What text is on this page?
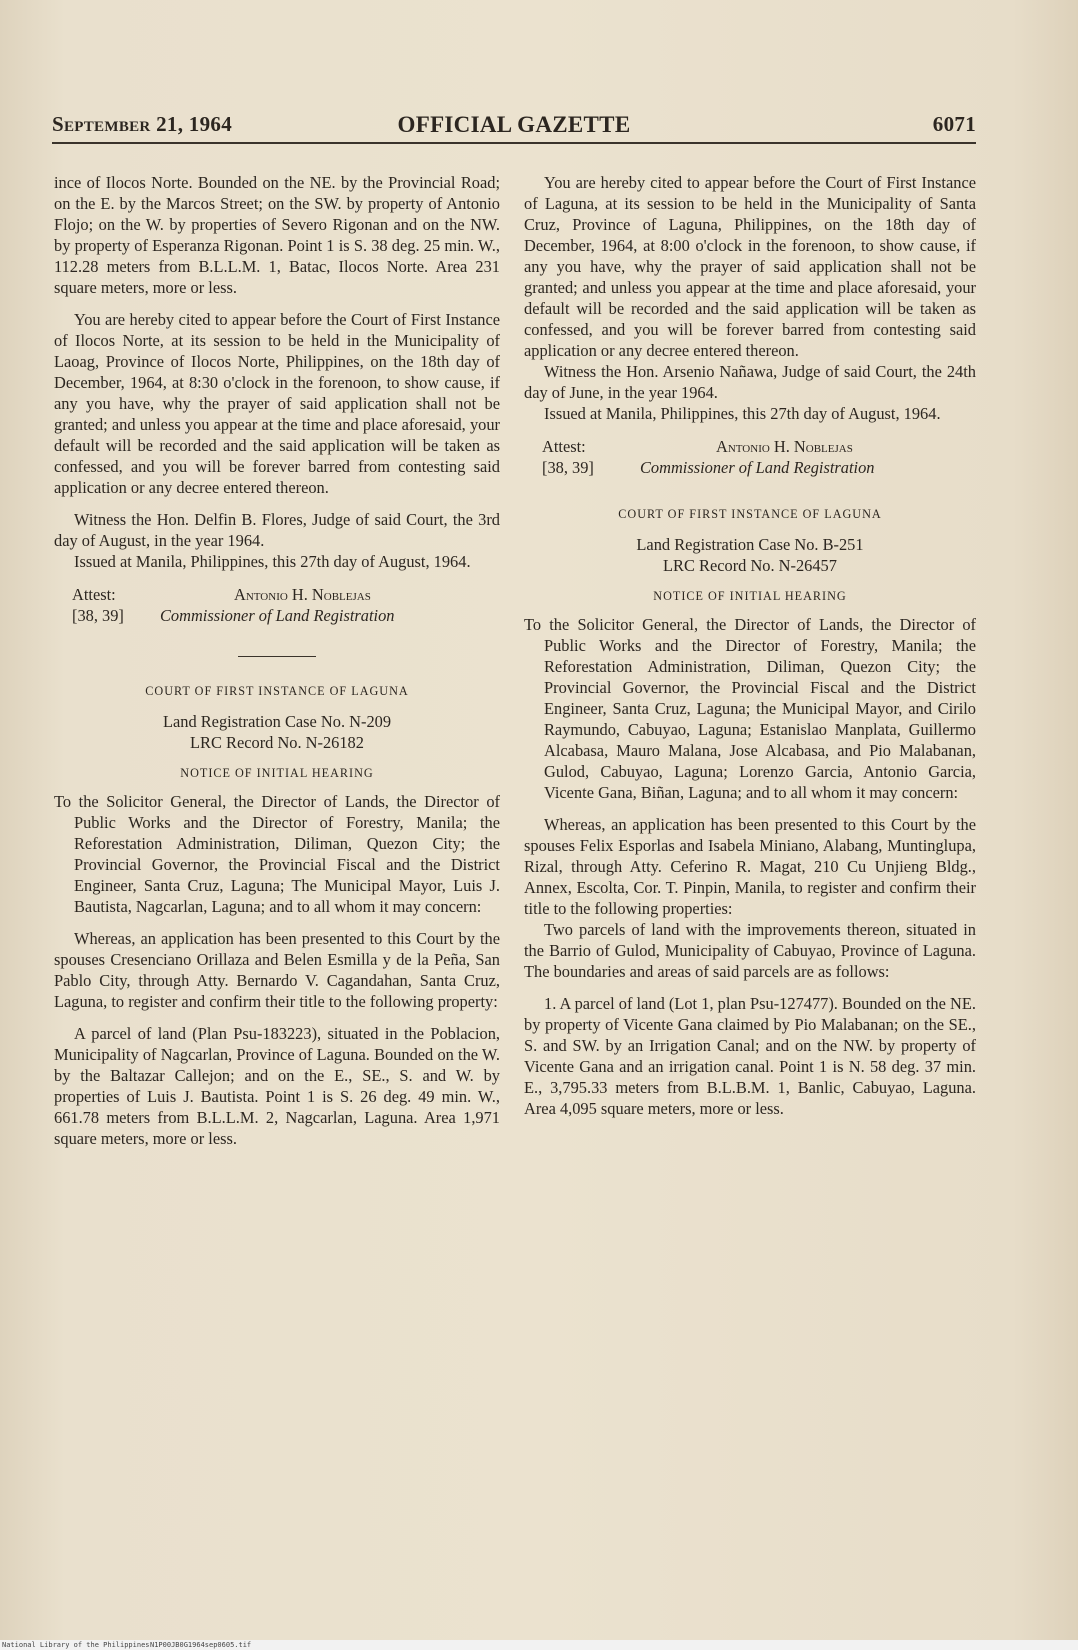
September 21, 1964	OFFICIAL GAZETTE	6071

ince of Ilocos Norte. Bounded on the NE. by the Provincial Road; on the E. by the Marcos Street; on the SW. by property of Antonio Flojo; on the W. by properties of Severo Rigonan and on the NW. by property of Esperanza Rigonan. Point 1 is S. 38 deg. 25 min. W., 112.28 meters from B.L.L.M. 1, Batac, Ilocos Norte. Area 231 square meters, more or less.

You are hereby cited to appear before the Court of First Instance of Ilocos Norte, at its session to be held in the Municipality of Laoag, Province of Ilocos Norte, Philippines, on the 18th day of December, 1964, at 8:30 o'clock in the forenoon, to show cause, if any you have, why the prayer of said application shall not be granted; and unless you appear at the time and place aforesaid, your default will be recorded and the said application will be taken as confessed, and you will be forever barred from contesting said application or any decree entered thereon.

Witness the Hon. Delfin B. Flores, Judge of said Court, the 3rd day of August, in the year 1964.

Issued at Manila, Philippines, this 27th day of August, 1964.

Attest:	Antonio H. Noblejas
[38, 39] Commissioner of Land Registration
COURT OF FIRST INSTANCE OF LAGUNA
Land Registration Case No. N-209
LRC Record No. N-26182
NOTICE OF INITIAL HEARING

To the Solicitor General, the Director of Lands, the Director of Public Works and the Director of Forestry, Manila; the Reforestation Administration, Diliman, Quezon City; the Provincial Governor, the Provincial Fiscal and the District Engineer, Santa Cruz, Laguna; The Municipal Mayor, Luis J. Bautista, Nagcarlan, Laguna; and to all whom it may concern:

Whereas, an application has been presented to this Court by the spouses Cresenciano Orillaza and Belen Esmilla y de la Peña, San Pablo City, through Atty. Bernardo V. Cagandahan, Santa Cruz, Laguna, to register and confirm their title to the following property:

A parcel of land (Plan Psu-183223), situated in the Poblacion, Municipality of Nagcarlan, Province of Laguna. Bounded on the W. by the Baltazar Callejon; and on the E., SE., S. and W. by properties of Luis J. Bautista. Point 1 is S. 26 deg. 49 min. W., 661.78 meters from B.L.L.M. 2, Nagcarlan, Laguna. Area 1,971 square meters, more or less.

You are hereby cited to appear before the Court of First Instance of Laguna, at its session to be held in the Municipality of Santa Cruz, Province of Laguna, Philippines, on the 18th day of December, 1964, at 8:00 o'clock in the forenoon, to show cause, if any you have, why the prayer of said application shall not be granted; and unless you appear at the time and place aforesaid, your default will be recorded and the said application will be taken as confessed, and you will be forever barred from contesting said application or any decree entered thereon.

Witness the Hon. Arsenio Nañawa, Judge of said Court, the 24th day of June, in the year 1964.

Issued at Manila, Philippines, this 27th day of August, 1964.

Attest:	Antonio H. Noblejas
[38, 39]	Commissioner of Land Registration
COURT OF FIRST INSTANCE OF LAGUNA
Land Registration Case No. B-251
LRC Record No. N-26457
NOTICE OF INITIAL HEARING

To the Solicitor General, the Director of Lands, the Director of Public Works and the Director of Forestry, Manila; the Reforestation Administration, Diliman, Quezon City; the Provincial Governor, the Provincial Fiscal and the District Engineer, Santa Cruz, Laguna; the Municipal Mayor, and Cirilo Raymundo, Cabuyao, Laguna; Estanislao Manplata, Guillermo Alcabasa, Mauro Malana, Jose Alcabasa, and Pio Malabanan, Gulod, Cabuyao, Laguna; Lorenzo Garcia, Antonio Garcia, Vicente Gana, Biñan, Laguna; and to all whom it may concern:

Whereas, an application has been presented to this Court by the spouses Felix Esporlas and Isabela Miniano, Alabang, Muntinglupa, Rizal, through Atty. Ceferino R. Magat, 210 Cu Unjieng Bldg., Annex, Escolta, Cor. T. Pinpin, Manila, to register and confirm their title to the following properties:

Two parcels of land with the improvements thereon, situated in the Barrio of Gulod, Municipality of Cabuyao, Province of Laguna. The boundaries and areas of said parcels are as follows:

1. A parcel of land (Lot 1, plan Psu-127477). Bounded on the NE. by property of Vicente Gana claimed by Pio Malabanan; on the SE., S. and SW. by an Irrigation Canal; and on the NW. by property of Vicente Gana and an irrigation canal. Point 1 is N. 58 deg. 37 min. E., 3,795.33 meters from B.L.B.M. 1, Banlic, Cabuyao, Laguna. Area 4,095 square meters, more or less.

National Library of the Philippines N1P00JB0G1964sep0605.tif
